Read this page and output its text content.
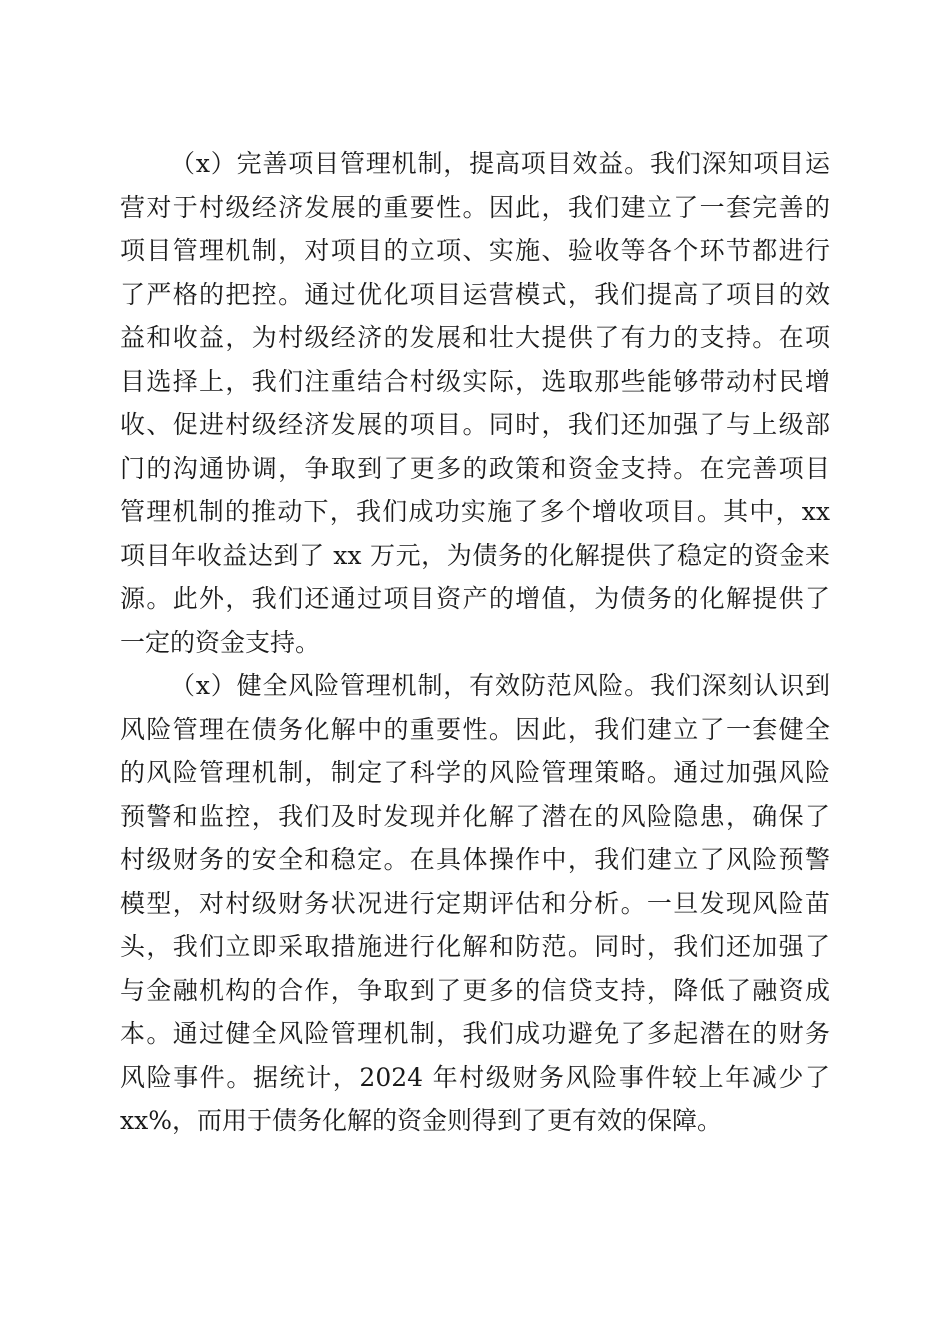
（x）完善项目管理机制，提高项目效益。我们深知项目运
营对于村级经济发展的重要性。因此，我们建立了一套完善的
项目管理机制，对项目的立项、实施、验收等各个环节都进行
了严格的把控。通过优化项目运营模式，我们提高了项目的效
益和收益，为村级经济的发展和壮大提供了有力的支持。在项
目选择上，我们注重结合村级实际，选取那些能够带动村民增
收、促进村级经济发展的项目。同时，我们还加强了与上级部
门的沟通协调，争取到了更多的政策和资金支持。在完善项目
管理机制的推动下，我们成功实施了多个增收项目。其中，xx
项目年收益达到了 xx 万元，为债务的化解提供了稳定的资金来
源。此外，我们还通过项目资产的增值，为债务的化解提供了
一定的资金支持。
（x）健全风险管理机制，有效防范风险。我们深刻认识到
风险管理在债务化解中的重要性。因此，我们建立了一套健全
的风险管理机制，制定了科学的风险管理策略。通过加强风险
预警和监控，我们及时发现并化解了潜在的风险隐患，确保了
村级财务的安全和稳定。在具体操作中，我们建立了风险预警
模型，对村级财务状况进行定期评估和分析。一旦发现风险苗
头，我们立即采取措施进行化解和防范。同时，我们还加强了
与金融机构的合作，争取到了更多的信贷支持，降低了融资成
本。通过健全风险管理机制，我们成功避免了多起潜在的财务
风险事件。据统计，2024 年村级财务风险事件较上年减少了
xx%，而用于债务化解的资金则得到了更有效的保障。
